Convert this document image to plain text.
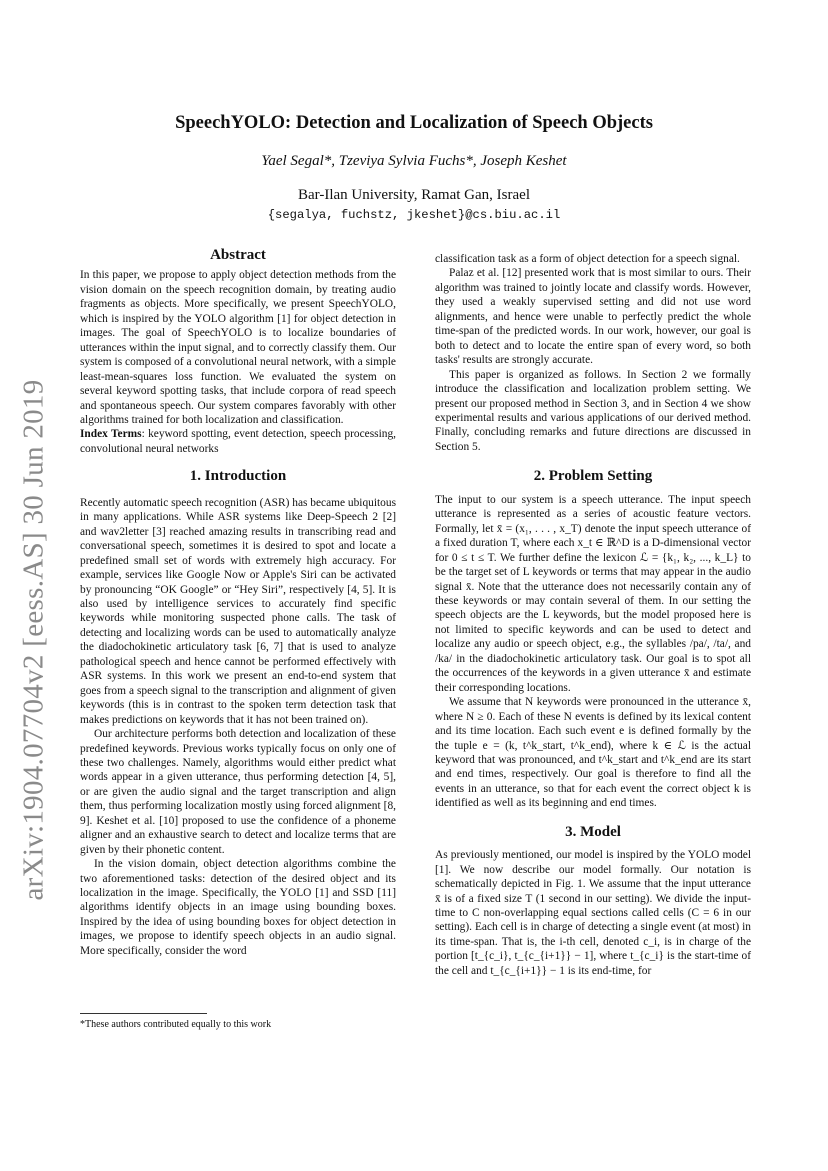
arXiv:1904.07704v2 [eess.AS] 30 Jun 2019
SpeechYOLO: Detection and Localization of Speech Objects
Yael Segal*, Tzeviya Sylvia Fuchs*, Joseph Keshet
Bar-Ilan University, Ramat Gan, Israel
{segalya, fuchstz, jkeshet}@cs.biu.ac.il
Abstract

In this paper, we propose to apply object detection methods from the vision domain on the speech recognition domain, by treating audio fragments as objects. More specifically, we present SpeechYOLO, which is inspired by the YOLO algorithm [1] for object detection in images. The goal of SpeechYOLO is to localize boundaries of utterances within the input signal, and to correctly classify them. Our system is composed of a convolutional neural network, with a simple least-mean-squares loss function. We evaluated the system on several keyword spotting tasks, that include corpora of read speech and spontaneous speech. Our system compares favorably with other algorithms trained for both localization and classification.

Index Terms: keyword spotting, event detection, speech processing, convolutional neural networks

1. Introduction

Recently automatic speech recognition (ASR) has became ubiquitous in many applications. While ASR systems like Deep-Speech 2 [2] and wav2letter [3] reached amazing results in transcribing read and conversational speech, sometimes it is desired to spot and locate a predefined small set of words with extremely high accuracy. For example, services like Google Now or Apple's Siri can be activated by pronouncing “OK Google” or “Hey Siri”, respectively [4, 5]. It is also used by intelligence services to accurately find specific keywords while monitoring suspected phone calls. The task of detecting and localizing words can be used to automatically analyze the diadochokinetic articulatory task [6, 7] that is used to analyze pathological speech and hence cannot be performed effectively with ASR systems. In this work we present an end-to-end system that goes from a speech signal to the transcription and alignment of given keywords (this is in contrast to the spoken term detection task that makes predictions on keywords that it has not been trained on).

Our architecture performs both detection and localization of these predefined keywords. Previous works typically focus on only one of these two challenges. Namely, algorithms would either predict what words appear in a given utterance, thus performing detection [4, 5], or are given the audio signal and the target transcription and align them, thus performing localization mostly using forced alignment [8, 9]. Keshet et al. [10] proposed to use the confidence of a phoneme aligner and an exhaustive search to detect and localize terms that are given by their phonetic content.

In the vision domain, object detection algorithms combine the two aforementioned tasks: detection of the desired object and its localization in the image. Specifically, the YOLO [1] and SSD [11] algorithms identify objects in an image using bounding boxes. Inspired by the idea of using bounding boxes for object detection in images, we propose to identify speech objects in an audio signal. More specifically, consider the word

classification task as a form of object detection for a speech signal.

Palaz et al. [12] presented work that is most similar to ours. Their algorithm was trained to jointly locate and classify words. However, they used a weakly supervised setting and did not use word alignments, and hence were unable to perfectly predict the whole time-span of the predicted words. In our work, however, our goal is both to detect and to locate the entire span of every word, so both tasks' results are strongly accurate.

This paper is organized as follows. In Section 2 we formally introduce the classification and localization problem setting. We present our proposed method in Section 3, and in Section 4 we show experimental results and various applications of our derived method. Finally, concluding remarks and future directions are discussed in Section 5.

2. Problem Setting

The input to our system is a speech utterance. The input speech utterance is represented as a series of acoustic feature vectors. Formally, let x̄ = (x₁, . . . , x_T) denote the input speech utterance of a fixed duration T, where each x_t ∈ ℝ^D is a D-dimensional vector for 0 ≤ t ≤ T. We further define the lexicon ℒ = {k₁, k₂, ..., k_L} to be the target set of L keywords or terms that may appear in the audio signal x̄. Note that the utterance does not necessarily contain any of these keywords or may contain several of them. In our setting the speech objects are the L keywords, but the model proposed here is not limited to specific keywords and can be used to detect and localize any audio or speech object, e.g., the syllables /pa/, /ta/, and /ka/ in the diadochokinetic articulatory task. Our goal is to spot all the occurrences of the keywords in a given utterance x̄ and estimate their corresponding locations.

We assume that N keywords were pronounced in the utterance x̄, where N ≥ 0. Each of these N events is defined by its lexical content and its time location. Each such event e is defined formally by the the tuple e = (k, t^k_start, t^k_end), where k ∈ ℒ is the actual keyword that was pronounced, and t^k_start and t^k_end are its start and end times, respectively. Our goal is therefore to find all the events in an utterance, so that for each event the correct object k is identified as well as its beginning and end times.

3. Model

As previously mentioned, our model is inspired by the YOLO model [1]. We now describe our model formally. Our notation is schematically depicted in Fig. 1. We assume that the input utterance x̄ is of a fixed size T (1 second in our setting). We divide the input-time to C non-overlapping equal sections called cells (C = 6 in our setting). Each cell is in charge of detecting a single event (at most) in its time-span. That is, the i-th cell, denoted c_i, is in charge of the portion [t_{c_i}, t_{c_{i+1}} − 1], where t_{c_i} is the start-time of the cell and t_{c_{i+1}} − 1 is its end-time, for

*These authors contributed equally to this work
